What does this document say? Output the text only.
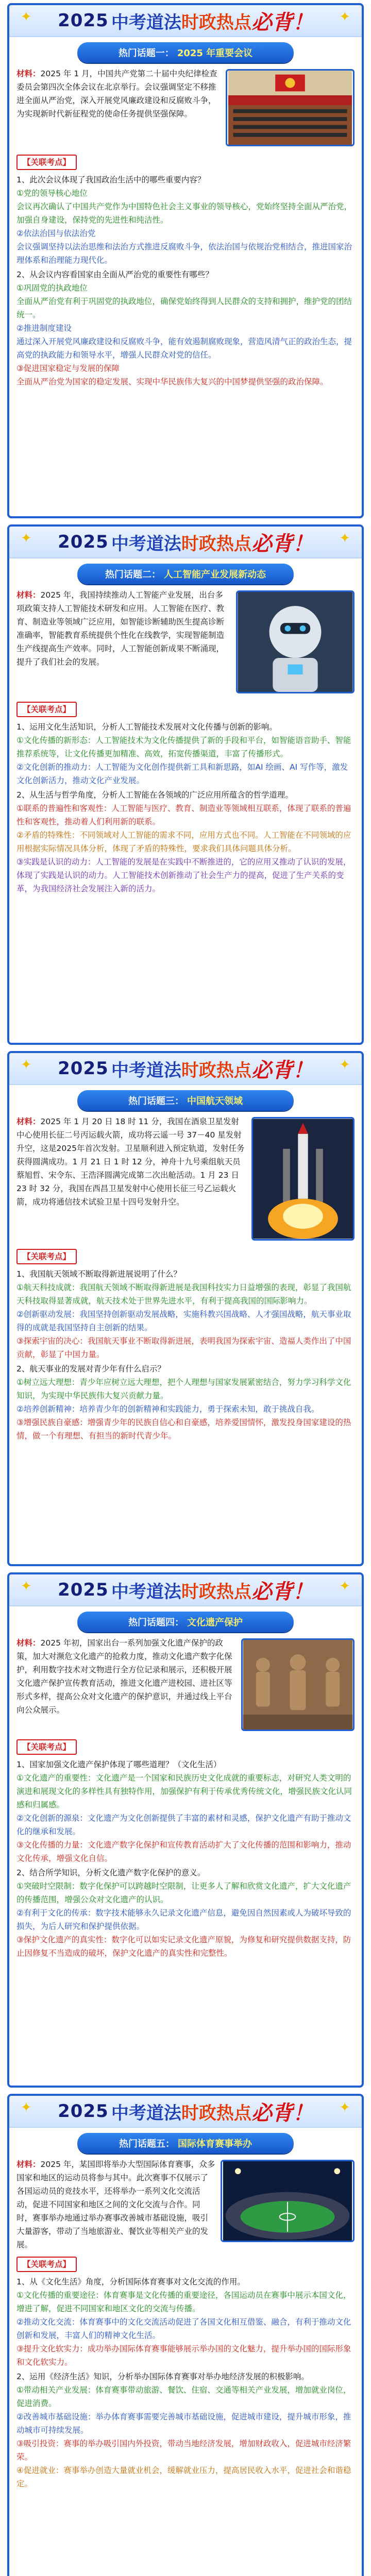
✦ 2025
中考道法 时政热点 必背！ ✦
热门话题一： 2025 年重要会议

材料：2025 年 1 月，中国共产党第二十届中央纪律检查委员会第四次全体会议在北京举行。会议强调坚定不移推进全面从严治党，深入开展党风廉政建设和反腐败斗争，为实现新时代新征程党的使命任务提供坚强保障。

【关联考点】
1、此次会议体现了我国政治生活中的哪些重要内容？
①党的领导核心地位
会议再次确认了中国共产党作为中国特色社会主义事业的领导核心，党始终坚持全面从严治党，加强自身建设，保持党的先进性和纯洁性。
②依法治国与依法治党
会议强调坚持以法治思维和法治方式推进反腐败斗争，依法治国与依规治党相结合，推进国家治理体系和治理能力现代化。
2、从会议内容看国家由全面从严治党的重要性有哪些？
①巩固党的执政地位
全面从严治党有利于巩固党的执政地位，确保党始终得到人民群众的支持和拥护，维护党的团结统一。
②推进制度建设
通过深入开展党风廉政建设和反腐败斗争，能有效遏制腐败现象，营造风清气正的政治生态，提高党的执政能力和领导水平，增强人民群众对党的信任。
③促进国家稳定与发展的保障
全面从严治党为国家的稳定发展、实现中华民族伟大复兴的中国梦提供坚强的政治保障。
✦ 2025
中考道法 时政热点 必背！ ✦
热门话题二： 人工智能产业发展新动态

材料：2025 年，我国持续推动人工智能产业发展，出台多项政策支持人工智能技术研发和应用。人工智能在医疗、教育、制造业等领域广泛应用，如智能诊断辅助医生提高诊断准确率，智能教育系统提供个性化在线教学，实现智能制造生产线提高生产效率。同时，人工智能创新成果不断涌现，提升了我们社会的发展。

【关联考点】
1、运用文化生活知识，分析人工智能技术发展对文化传播与创新的影响。
①文化传播的新形态：人工智能技术为文化传播提供了新的手段和平台，如智能语音助手、智能推荐系统等，让文化传播更加精准、高效，拓宽传播渠道，丰富了传播形式。
②文化创新的推动力：人工智能为文化创作提供新工具和新思路，如AI 绘画、AI 写作等，激发文化创新活力，推动文化产业发展。
2、从生活与哲学角度，分析人工智能在各领域的广泛应用所蕴含的哲学道理。
①联系的普遍性和客观性：人工智能与医疗、教育、制造业等领域相互联系，体现了联系的普遍性和客观性，推动着人们利用新的联系。
②矛盾的特殊性：不同领域对人工智能的需求不同，应用方式也不同。人工智能在不同领域的应用根据实际情况具体分析，体现了矛盾的特殊性，要求我们具体问题具体分析。
③实践是认识的动力：人工智能的发展是在实践中不断推进的，它的应用又推动了认识的发展，体现了实践是认识的动力。人工智能技术创新推动了社会生产力的提高，促进了生产关系的变革，为我国经济社会发展注入新的活力。
✦ 2025
中考道法 时政热点 必背！ ✦
热门话题三： 中国航天领域

材料：2025 年 1 月 20 日 18 时 11 分，我国在酒泉卫星发射中心使用长征二号丙运载火箭，成功将云遥一号 37－40 星发射升空，这是2025年首次发射。卫星顺利进入预定轨道，发射任务获得圆满成功。1 月 21 日 1 时 12 分，神舟十九号乘组航天员蔡旭哲、宋令东、王浩泽圆满完成第二次出舱活动。1 月 23 日 23 时 32 分，我国在西昌卫星发射中心使用长征三号乙运载火箭，成功将通信技术试验卫星十四号发射升空。

【关联考点】
1、我国航天领域不断取得新进展说明了什么？
①航天科技成就：我国航天领域不断取得新进展是我国科技实力日益增强的表现，彰显了我国航天科技取得显著成就，航天技术处于世界先进水平，有利于提高我国的国际影响力。
②创新驱动发展：我国坚持创新驱动发展战略，实施科教兴国战略、人才强国战略，航天事业取得的成就是我国坚持自主创新的结果。
③探索宇宙的决心：我国航天事业不断取得新进展，表明我国为探索宇宙、造福人类作出了中国贡献，彰显了中国力量。
2、航天事业的发展对青少年有什么启示？
①树立远大理想：青少年应树立远大理想，把个人理想与国家发展紧密结合，努力学习科学文化知识，为实现中华民族伟大复兴贡献力量。
②培养创新精神：培养青少年的创新精神和实践能力，勇于探索未知，敢于挑战自我。
③增强民族自豪感：增强青少年的民族自信心和自豪感，培养爱国情怀，激发投身国家建设的热情，做一个有理想、有担当的新时代青少年。
✦ 2025
中考道法 时政热点 必背！ ✦
热门话题四： 文化遗产保护

材料：2025 年初，国家出台一系列加强文化遗产保护的政策，加大对濒危文化遗产的抢救力度，推动文化遗产数字化保护，利用数字技术对文物进行全方位记录和展示，还积极开展文化遗产保护宣传教育活动，推进文化遗产进校园、进社区等形式多样，提高公众对文化遗产的保护意识，并通过线上平台向公众展示。

【关联考点】
1、国家加强文化遗产保护体现了哪些道理？（文化生活）
①文化遗产的重要性：文化遗产是一个国家和民族历史文化成就的重要标志，对研究人类文明的演进和展现文化的多样性具有独特作用，加强保护有利于传承优秀传统文化，增强民族文化认同感和归属感。
②文化创新的源泉：文化遗产为文化创新提供了丰富的素材和灵感，保护文化遗产有助于推动文化的继承和发展。
③文化传播的力量：文化遗产数字化保护和宣传教育活动扩大了文化传播的范围和影响力，推动文化传承，增强文化自信。
2、结合所学知识，分析文化遗产数字化保护的意义。
①突破时空限制：数字化保护可以跨越时空限制，让更多人了解和欣赏文化遗产，扩大文化遗产的传播范围，增强公众对文化遗产的认识。
②有利于文化的传承：数字技术能够永久记录文化遗产信息，避免因自然因素或人为破坏导致的损失，为后人研究和保护提供依据。
③保护文化遗产的真实性：数字化可以如实记录文化遗产原貌，为修复和研究提供数据支持，防止因修复不当造成的破坏，保护文化遗产的真实性和完整性。
✦ 2025
中考道法 时政热点 必背！ ✦
热门话题五： 国际体育赛事举办

材料：2025 年，某国即将举办大型国际体育赛事，众多国家和地区的运动员将参与其中。此次赛事不仅展示了各国运动员的竞技水平，还将举办一系列文化交流活动，促进不同国家和地区之间的文化交流与合作。同时，赛事举办地通过举办赛事改善城市基础设施，吸引大量游客，带动了当地旅游业、餐饮业等相关产业的发展。

【关联考点】
1、从《文化生活》角度，分析国际体育赛事对文化交流的作用。
①文化传播的重要途径：体育赛事是文化传播的重要途径，各国运动员在赛事中展示本国文化，增进了解，促进不同国家和地区文化的交流与传播。
②推动文化交流：体育赛事中的文化交流活动促进了各国文化相互借鉴、融合，有利于推动文化创新和发展，丰富人们的精神文化生活。
③提升文化软实力：成功举办国际体育赛事能够展示举办国的文化魅力，提升举办国的国际形象和文化软实力。
2、运用《经济生活》知识，分析举办国际体育赛事对举办地经济发展的积极影响。
①带动相关产业发展：体育赛事带动旅游、餐饮、住宿、交通等相关产业发展，增加就业岗位，促进消费。
②改善城市基础设施：举办体育赛事需要完善城市基础设施，促进城市建设，提升城市形象，推动城市可持续发展。
③吸引投资：赛事的举办吸引国内外投资，带动当地经济发展，增加财政收入，促进城市经济繁荣。
④促进就业：赛事举办创造大量就业机会，缓解就业压力，提高居民收入水平，促进社会和谐稳定。
